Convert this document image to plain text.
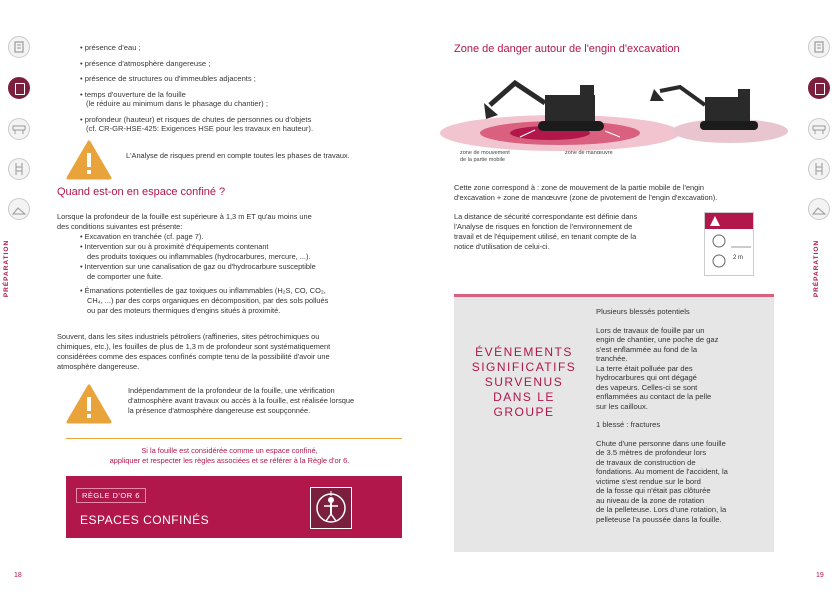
PRÉPARATION	PRÉPARATION
• présence d'eau ;
• présence d'atmosphère dangereuse ;
• présence de structures ou d'immeubles adjacents ;
• temps d'ouverture de la fouille
(le réduire au minimum dans le phasage du chantier) ;
• profondeur (hauteur) et risques de chutes de personnes ou d'objets
(cf. CR-GR-HSE-425: Exigences HSE pour les travaux en hauteur).
L'Analyse de risques prend en compte toutes les phases de travaux.
Quand est-on en espace confiné ?
Lorsque la profondeur de la fouille est supérieure à 1,3 m ET qu'au moins une
des conditions suivantes est présente:
• Excavation en tranchée (cf. page 7).
• Intervention sur ou à proximité d'équipements contenant
des produits toxiques ou inflammables (hydrocarbures, mercure, ...).
• Intervention sur une canalisation de gaz ou d'hydrocarbure susceptible
de comporter une fuite.
• Émanations potentielles de gaz toxiques ou inflammables (H₂S, CO, CO₂,
CH₄, ...) par des corps organiques en décomposition, par des sols pollués
ou par des moteurs thermiques d'engins situés à proximité.
Souvent, dans les sites industriels pétroliers (raffineries, sites pétrochimiques ou
chimiques, etc.), les fouilles de plus de 1,3 m de profondeur sont systématiquement
considérées comme des espaces confinés compte tenu de la possibilité d'avoir une
atmosphère dangereuse.
Indépendamment de la profondeur de la fouille, une vérification
d'atmosphère avant travaux ou accès à la fouille, est réalisée lorsque
la présence d'atmosphère dangereuse est soupçonnée.
Si la fouille est considérée comme un espace confiné,
appliquer et respecter les règles associées et se référer à la Règle d'or 6.
RÈGLE D'OR 6
ESPACES CONFINÉS
18
Zone de danger autour de l'engin d'excavation
zone de mouvement
de la partie mobile
zone de manœuvre
Cette zone correspond à : zone de mouvement de la partie mobile de l'engin
d'excavation + zone de manœuvre (zone de pivotement de l'engin d'excavation).
La distance de sécurité correspondante est définie dans
l'Analyse de risques en fonction de l'environnement de
travail et de l'équipement utilisé, en tenant compte de la
notice d'utilisation de celui-ci.
2 m
ÉVÉNEMENTS
SIGNIFICATIFS
SURVENUS
DANS LE
GROUPE
Plusieurs blessés potentiels
Lors de travaux de fouille par un
engin de chantier, une poche de gaz
s'est enflammée au fond de la
tranchée.
La terre était polluée par des
hydrocarbures qui ont dégagé
des vapeurs. Celles-ci se sont
enflammées au contact de la pelle
sur les cailloux.
1 blessé : fractures
Chute d'une personne dans une fouille
de 3.5 mètres de profondeur lors
de travaux de construction de
fondations. Au moment de l'accident, la
victime s'est rendue sur le bord
de la fosse qui n'était pas clôturée
au niveau de la zone de rotation
de la pelleteuse. Lors d'une rotation, la
pelleteuse l'a poussée dans la fouille.
19
